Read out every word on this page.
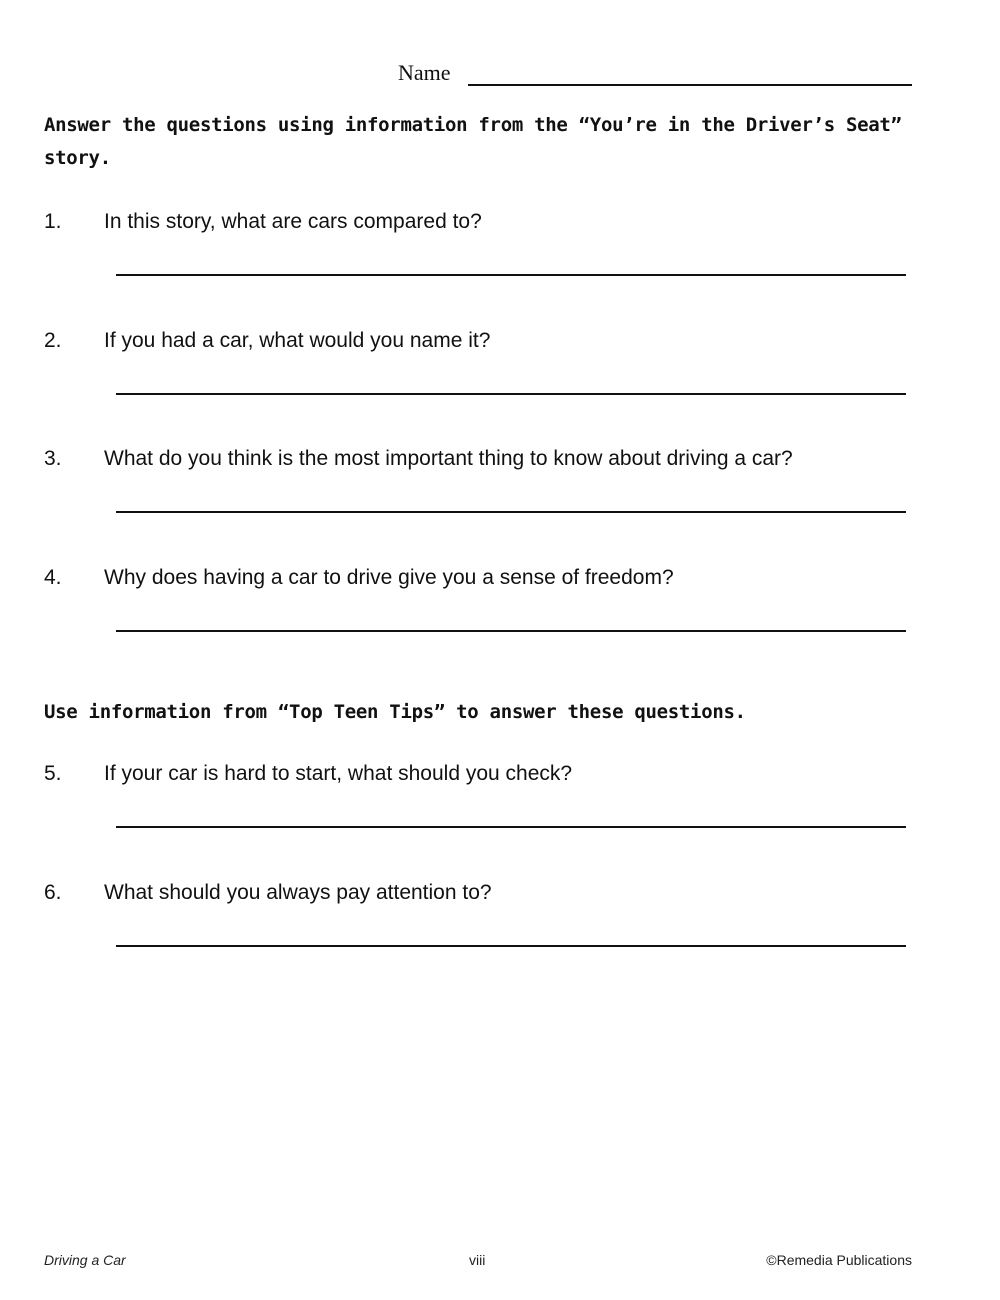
Name

Answer the questions using information from the “You’re in the Driver’s Seat” story.

1. In this story, what are cars compared to?
2. If you had a car, what would you name it?
3. What do you think is the most important thing to know about driving a car?
4. Why does having a car to drive give you a sense of freedom?

Use information from “Top Teen Tips” to answer these questions.

5. If your car is hard to start, what should you check?
6. What should you always pay attention to?
Driving a Car	viii	©Remedia Publications
